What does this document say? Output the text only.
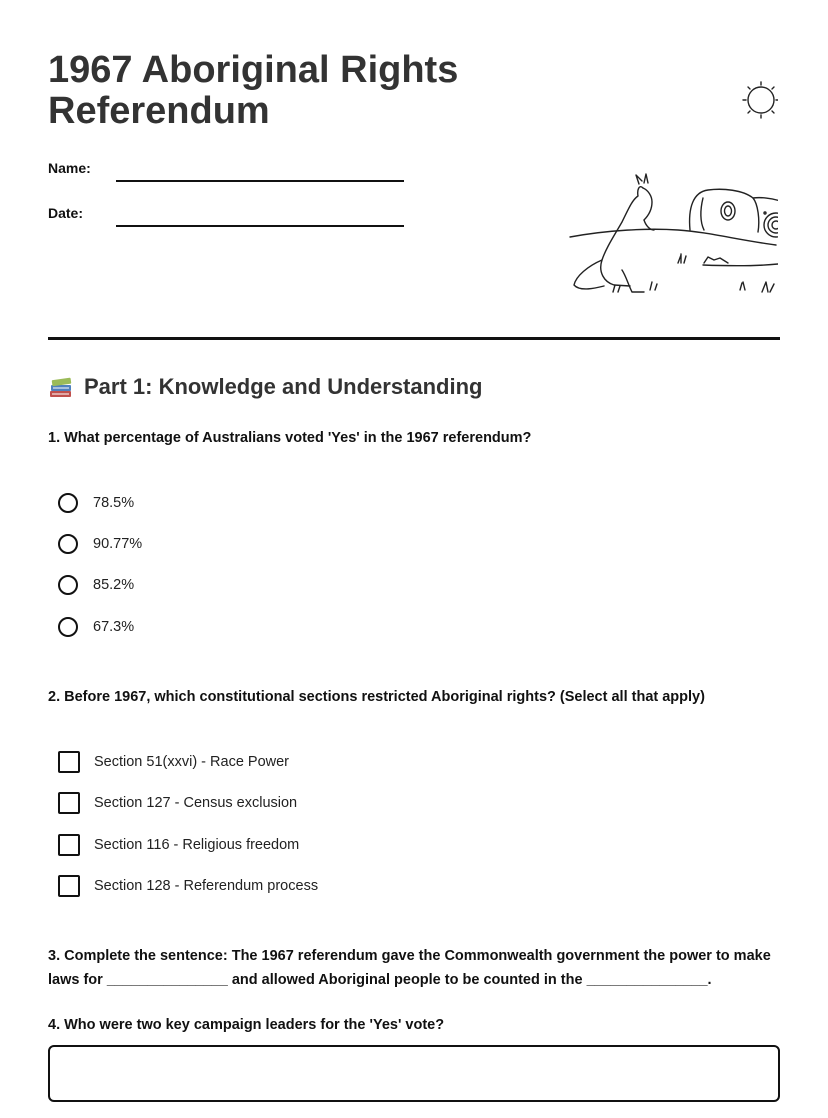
1967 Aboriginal Rights Referendum
Name:
Date:
Part 1: Knowledge and Understanding

1. What percentage of Australians voted 'Yes' in the 1967 referendum?

78.5%
90.77%
85.2%
67.3%

2. Before 1967, which constitutional sections restricted Aboriginal rights? (Select all that apply)

Section 51(xxvi) - Race Power
Section 127 - Census exclusion
Section 116 - Religious freedom
Section 128 - Referendum process

3. Complete the sentence: The 1967 referendum gave the Commonwealth government the power to make laws for _______________ and allowed Aboriginal people to be counted in the _______________.

4. Who were two key campaign leaders for the 'Yes' vote?
